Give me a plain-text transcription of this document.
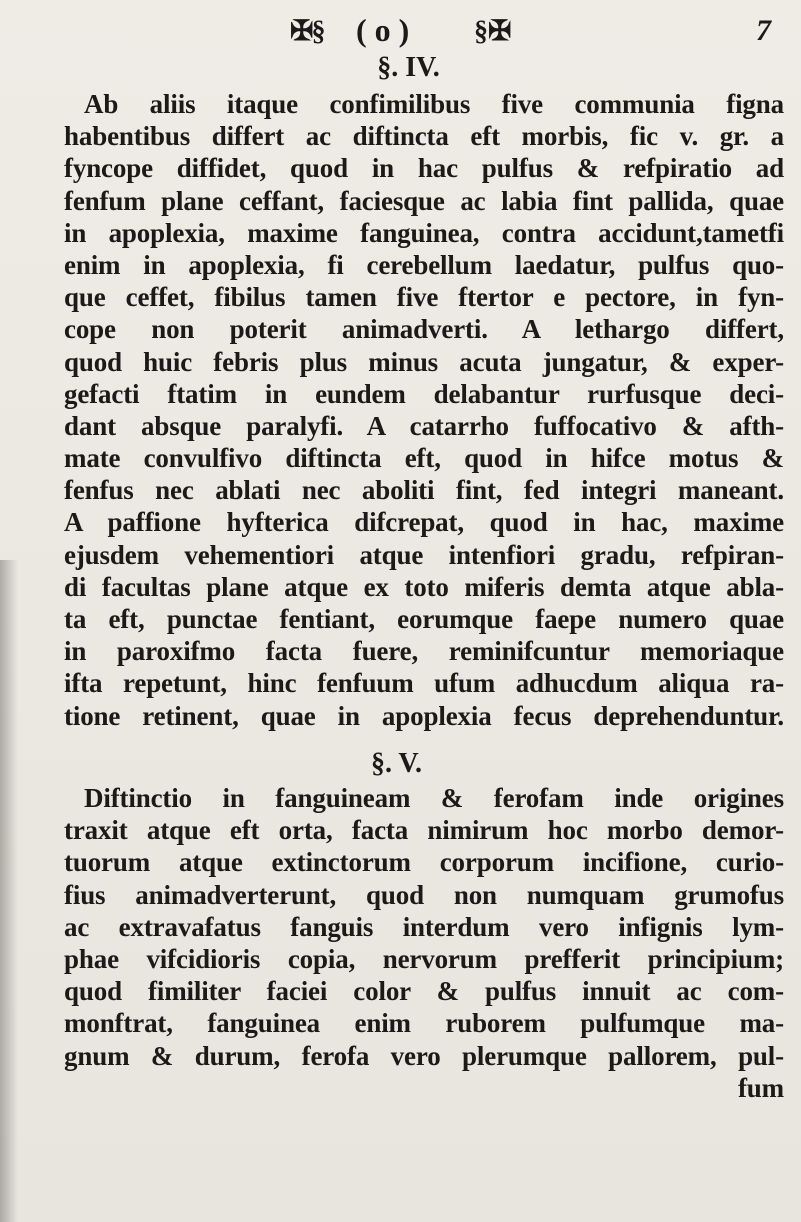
✠§ ( o ) §✠	7
§. IV.
Ab aliis itaque confimilibus five communia figna
habentibus differt ac diftincta eft morbis, fic v. gr. a
fyncope diffidet, quod in hac pulfus & refpiratio ad
fenfum plane ceffant, faciesque ac labia fint pallida, quae
in apoplexia, maxime fanguinea, contra accidunt,tametfi
enim in apoplexia, fi cerebellum laedatur, pulfus quo-
que ceffet, fibilus tamen five ftertor e pectore, in fyn-
cope non poterit animadverti. A lethargo differt,
quod huic febris plus minus acuta jungatur, & exper-
gefacti ftatim in eundem delabantur rurfusque deci-
dant absque paralyfi. A catarrho fuffocativo & afth-
mate convulfivo diftincta eft, quod in hifce motus &
fenfus nec ablati nec aboliti fint, fed integri maneant.
A paffione hyfterica difcrepat, quod in hac, maxime
ejusdem vehementiori atque intenfiori gradu, refpiran-
di facultas plane atque ex toto miferis demta atque abla-
ta eft, punctae fentiant, eorumque faepe numero quae
in paroxifmo facta fuere, reminifcuntur memoriaque
ifta repetunt, hinc fenfuum ufum adhucdum aliqua ra-
tione retinent, quae in apoplexia fecus deprehenduntur.
§. V.
Diftinctio in fanguineam & ferofam inde origines
traxit atque eft orta, facta nimirum hoc morbo demor-
tuorum atque extinctorum corporum incifione, curio-
fius animadverterunt, quod non numquam grumofus
ac extravafatus fanguis interdum vero infignis lym-
phae vifcidioris copia, nervorum prefferit principium;
quod fimiliter faciei color & pulfus innuit ac com-
monftrat, fanguinea enim ruborem pulfumque ma-
gnum & durum, ferofa vero plerumque pallorem, pul-
fum
